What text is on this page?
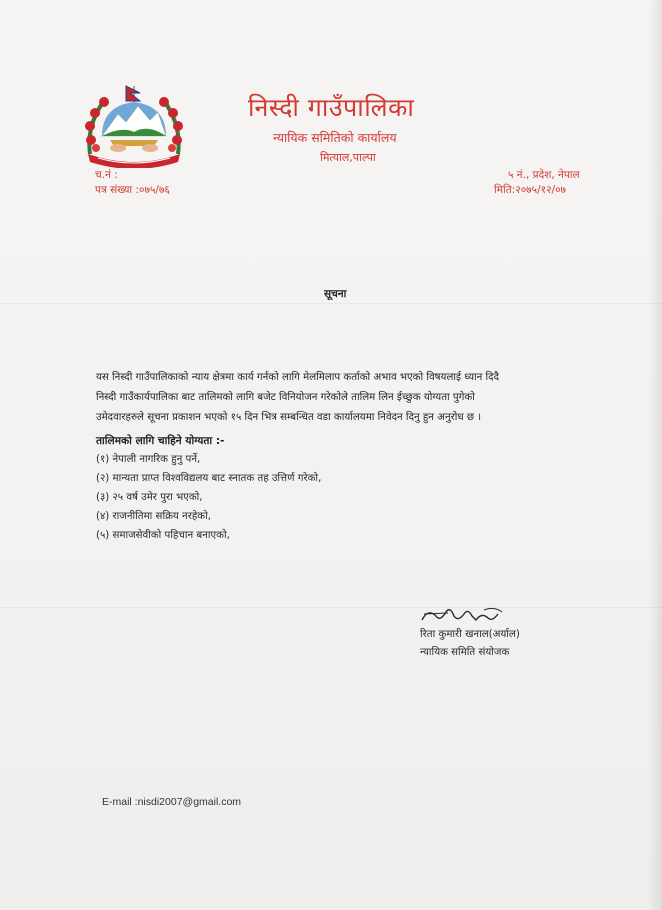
निस्दी गाउँपालिका
न्यायिक समितिको कार्यालय
मित्याल,पाल्पा
च.नं :
पत्र संख्या :०७५/७६
५ नं., प्रदेश, नेपाल
मिति:२०७५/१२/०७
सूचना
यस निस्दी गाउँपालिकाको न्याय क्षेत्रमा कार्य गर्नको लागि मेलमिलाप कर्ताको अभाव भएको विषयलाई ध्यान दिदै
निस्दी गाउँकार्यपालिका बाट तालिमको लागि बजेट विनियोजन गरेकोले तालिम लिन ईच्छुक योग्यता पुगेको
उमेदवारहरुले सूचना प्रकाशन भएको १५ दिन भित्र सम्बन्धित वडा कार्यालयमा निवेदन दिनु हुन अनुरोध छ ।
तालिमको लागि चाहिने योग्यता :-
(१) नेपाली नागरिक हुनु पर्ने,
(२) मान्यता प्राप्त विश्वविद्यलय बाट स्नातक तह उत्तिर्ण गरेको,
(३) २५ वर्ष उमेर पुरा भएको,
(४) राजनीतिमा सक्रिय नरहेको,
(५) समाजसेवीको पहिचान बनाएको,
रिता कुमारी खनाल(अर्याल)
न्यायिक समिति संयोजक
E-mail :nisdi2007@gmail.com
